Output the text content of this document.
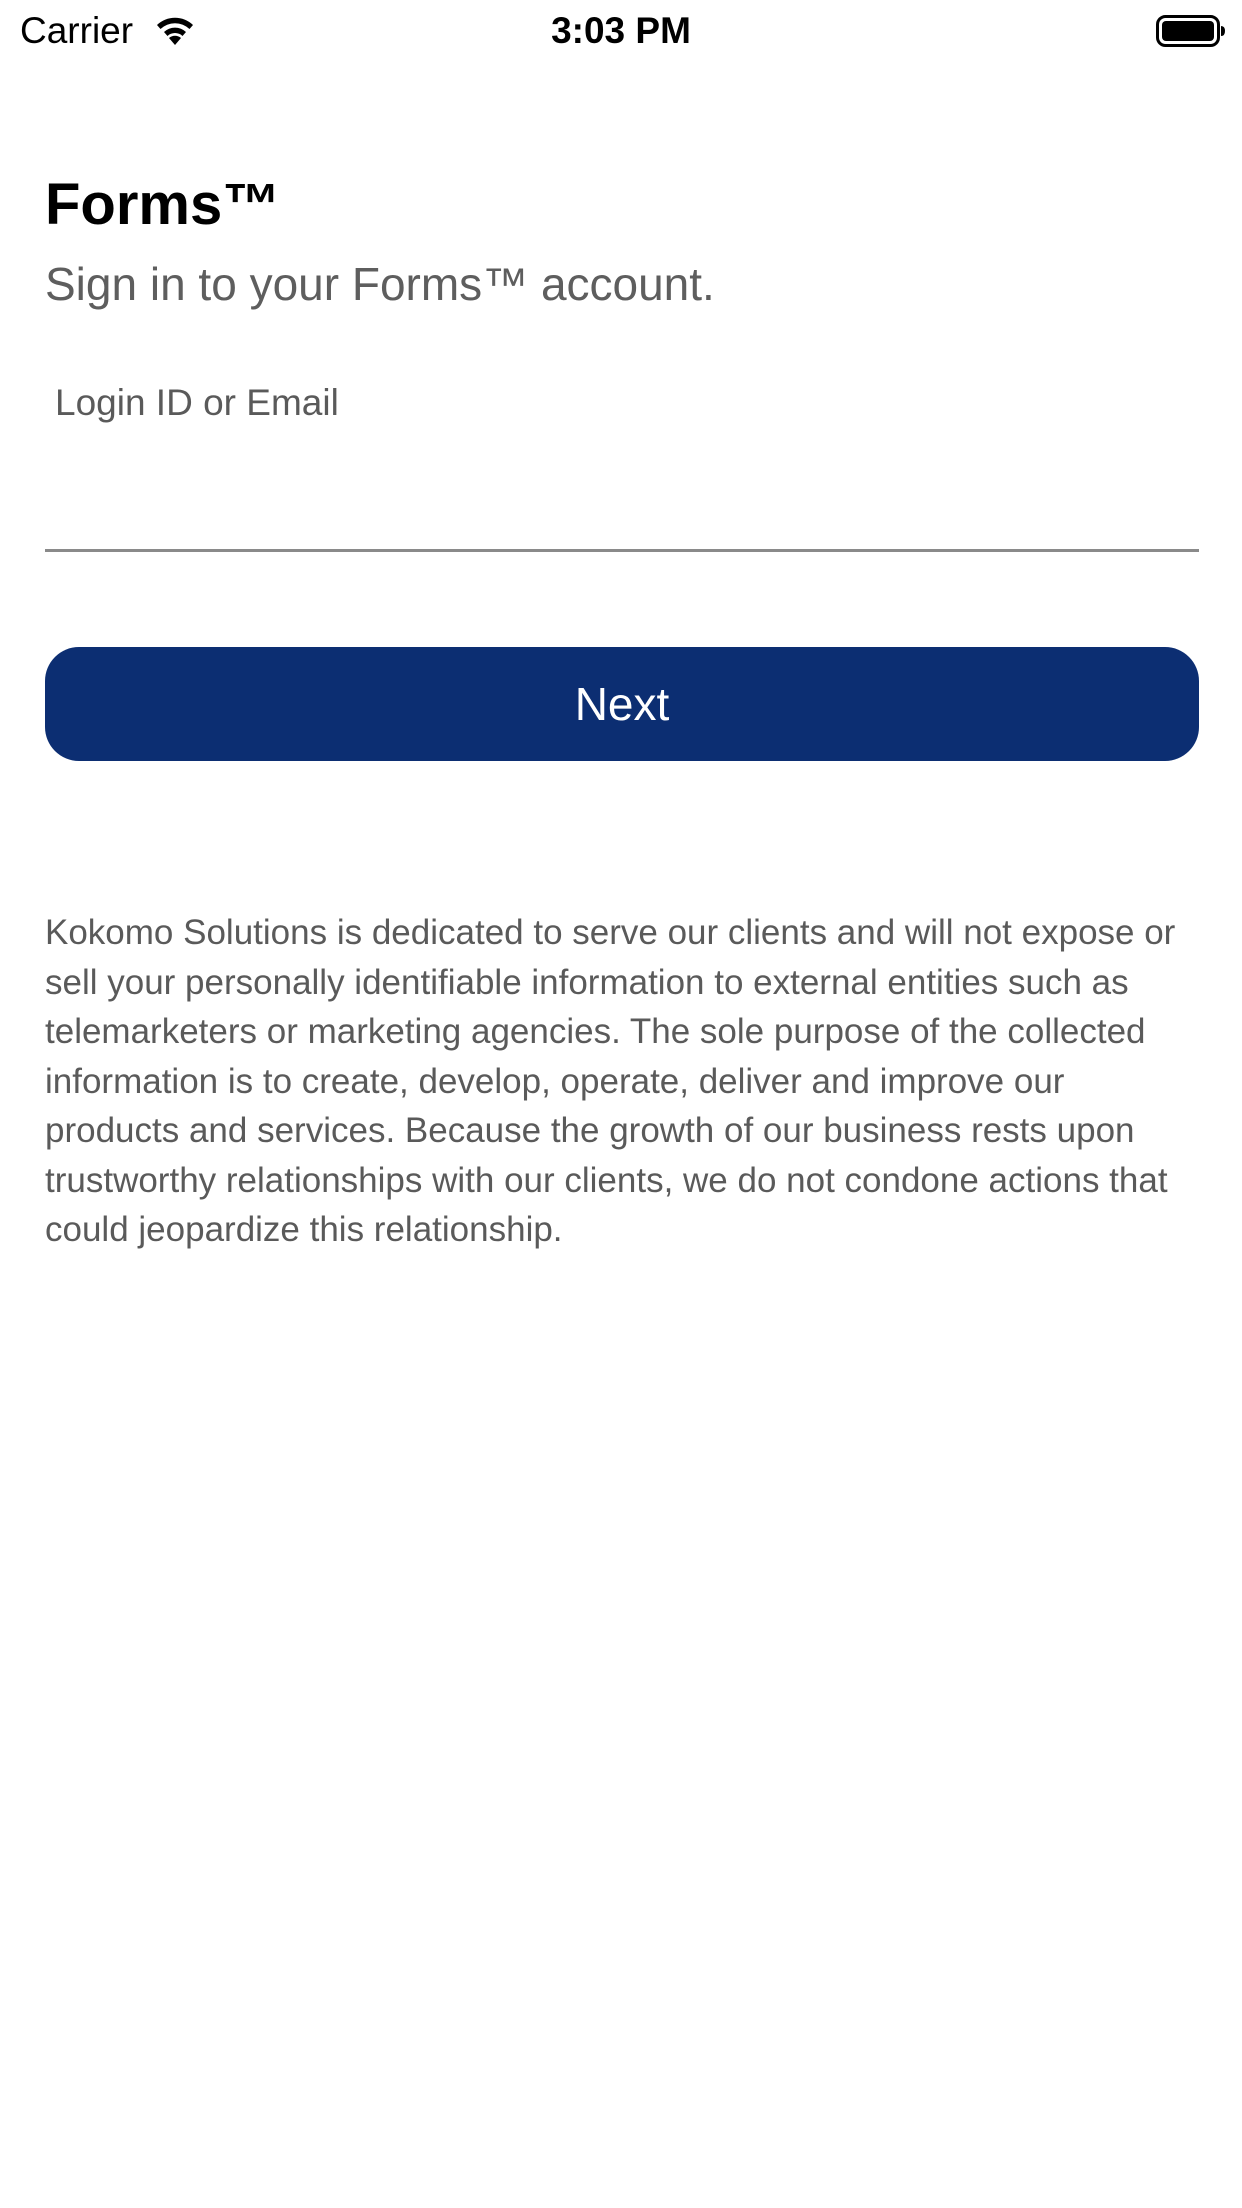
Carrier	3:03 PM
Forms™
Sign in to your Forms™ account.
Login ID or Email
Next

Kokomo Solutions is dedicated to serve our clients and will not expose or sell your personally identifiable information to external entities such as telemarketers or marketing agencies. The sole purpose of the collected information is to create, develop, operate, deliver and improve our products and services. Because the growth of our business rests upon trustworthy relationships with our clients, we do not condone actions that could jeopardize this relationship.
